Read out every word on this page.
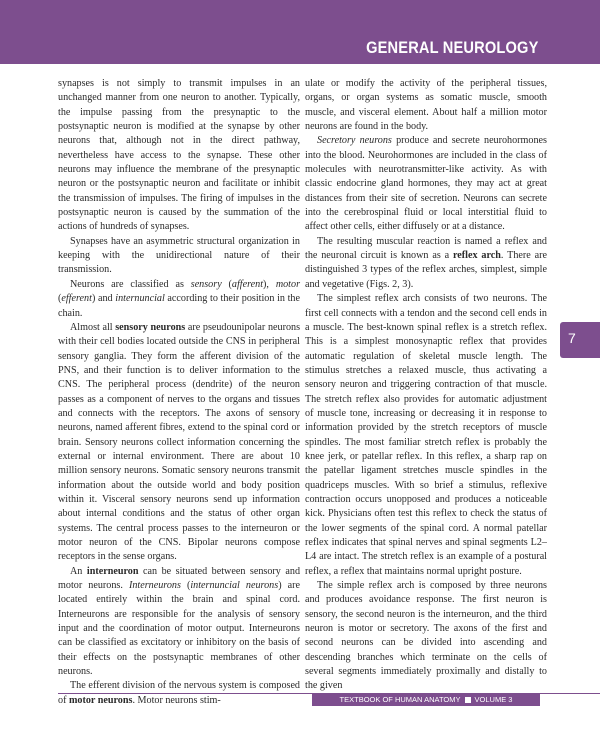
GENERAL NEUROLOGY

synapses is not simply to transmit impulses in an unchanged manner from one neuron to another. Typically, the impulse passing from the presynaptic to the postsynaptic neuron is modified at the synapse by other neurons that, although not in the direct pathway, nevertheless have access to the synapse. These other neurons may influence the membrane of the presynaptic neuron or the postsynaptic neuron and facilitate or inhibit the transmission of impulses. The firing of impulses in the postsynaptic neuron is caused by the summation of the actions of hundreds of synapses.

Synapses have an asymmetric structural organization in keeping with the unidirectional nature of their transmission.

Neurons are classified as sensory (afferent), motor (efferent) and internuncial according to their position in the chain.

Almost all sensory neurons are pseudounipolar neurons with their cell bodies located outside the CNS in peripheral sensory ganglia. They form the afferent division of the PNS, and their function is to deliver information to the CNS. The peripheral process (dendrite) of the neuron passes as a component of nerves to the organs and tissues and connects with the receptors. The axons of sensory neurons, named afferent fibres, extend to the spinal cord or brain. Sensory neurons collect information concerning the external or internal environment. There are about 10 million sensory neurons. Somatic sensory neurons transmit information about the outside world and body position within it. Visceral sensory neurons send up information about internal conditions and the status of other organ systems. The central process passes to the interneuron or motor neuron of the CNS. Bipolar neurons compose receptors in the sense organs.

An interneuron can be situated between sensory and motor neurons. Interneurons (internuncial neurons) are located entirely within the brain and spinal cord. Interneurons are responsible for the analysis of sensory input and the coordination of motor output. Interneurons can be classified as excitatory or inhibitory on the basis of their effects on the postsynaptic membranes of other neurons.

The efferent division of the nervous system is composed of motor neurons. Motor neurons stim-

ulate or modify the activity of the peripheral tissues, organs, or organ systems as somatic muscle, smooth muscle, and visceral element. About half a million motor neurons are found in the body.

Secretory neurons produce and secrete neurohormones into the blood. Neurohormones are included in the class of molecules with neurotransmitter-like activity. As with classic endocrine gland hormones, they may act at great distances from their site of secretion. Neurons can secrete into the cerebrospinal fluid or local interstitial fluid to affect other cells, either diffusely or at a distance.

The resulting muscular reaction is named a reflex and the neuronal circuit is known as a reflex arch. There are distinguished 3 types of the reflex arches, simplest, simple and vegetative (Figs. 2, 3).

The simplest reflex arch consists of two neurons. The first cell connects with a tendon and the second cell ends in a muscle. The best-known spinal reflex is a stretch reflex. This is a simplest monosynaptic reflex that provides automatic regulation of skeletal muscle length. The stimulus stretches a relaxed muscle, thus activating a sensory neuron and triggering contraction of that muscle. The stretch reflex also provides for automatic adjustment of muscle tone, increasing or decreasing it in response to information provided by the stretch receptors of muscle spindles. The most familiar stretch reflex is probably the knee jerk, or patellar reflex. In this reflex, a sharp rap on the patellar ligament stretches muscle spindles in the quadriceps muscles. With so brief a stimulus, reflexive contraction occurs unopposed and produces a noticeable kick. Physicians often test this reflex to check the status of the lower segments of the spinal cord. A normal patellar reflex indicates that spinal nerves and spinal segments L2–L4 are intact. The stretch reflex is an example of a postural reflex, a reflex that maintains normal upright posture.

The simple reflex arch is composed by three neurons and produces avoidance response. The first neuron is sensory, the second neuron is the interneuron, and the third neuron is motor or secretory. The axons of the first and second neurons can be divided into ascending and descending branches which terminate on the cells of several segments immediately proximally and distally to the given

7
TEXTBOOK OF HUMAN ANATOMY VOLUME 3
